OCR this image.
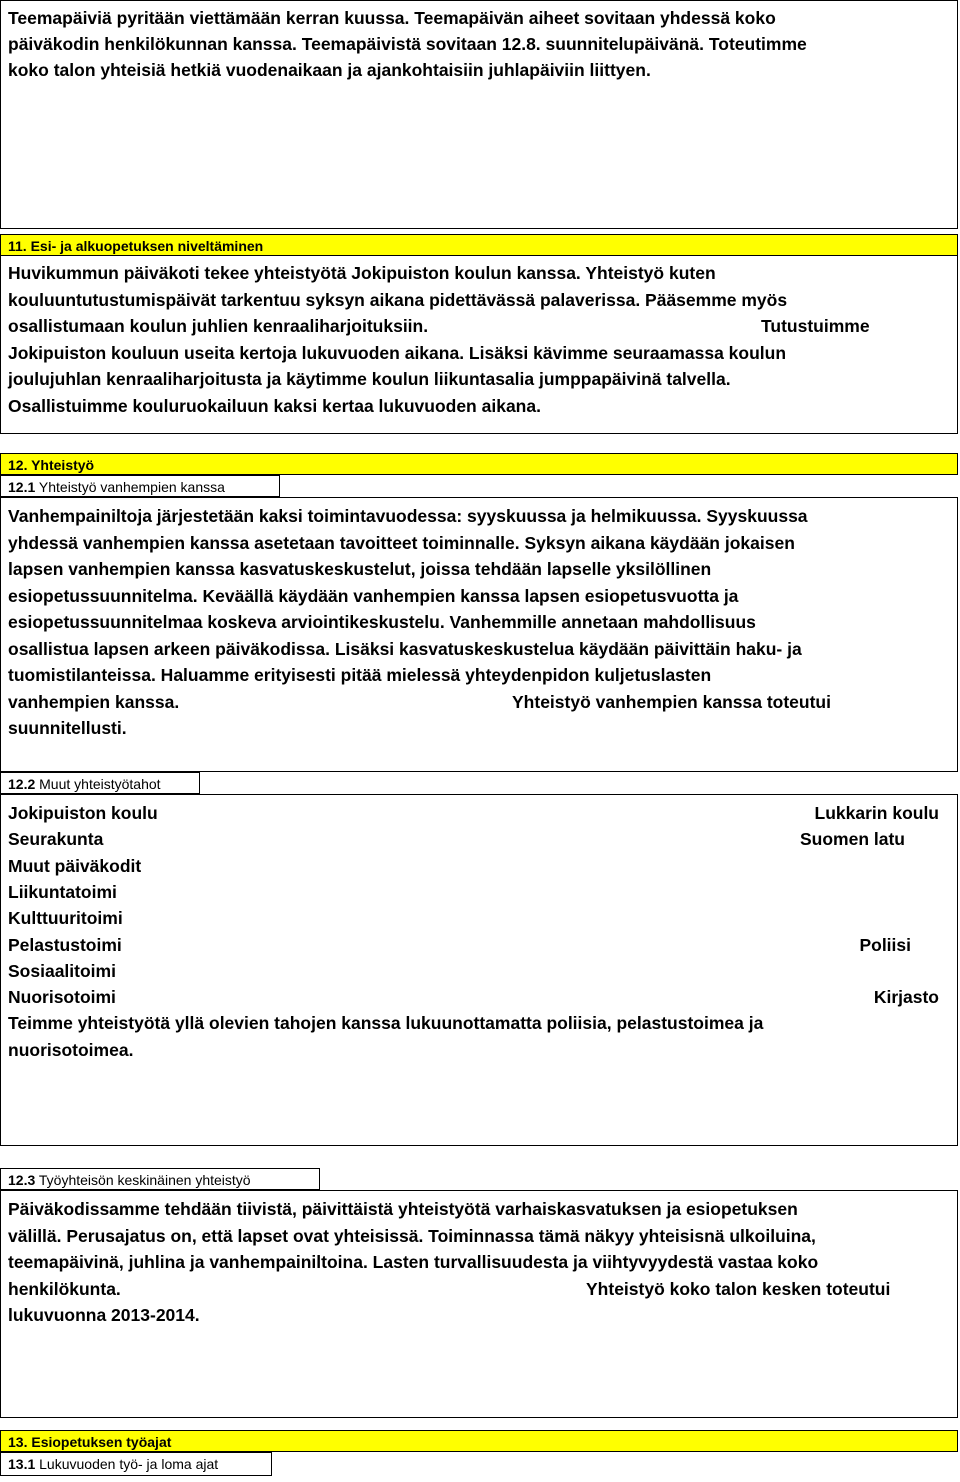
Teemapäiviä pyritään viettämään kerran kuussa. Teemapäivän aiheet sovitaan yhdessä koko
päiväkodin henkilökunnan kanssa. Teemapäivistä sovitaan 12.8. suunnitelupäivänä. Toteutimme
koko talon yhteisiä hetkiä vuodenaikaan ja ajankohtaisiin juhlapäiviin liittyen.
11. Esi- ja alkuopetuksen niveltäminen
Huvikummun päiväkoti tekee yhteistyötä Jokipuiston koulun kanssa. Yhteistyö kuten
kouluuntutustumispäivät tarkentuu syksyn aikana pidettävässä palaverissa. Pääsemme myös
osallistumaan koulun juhlien kenraaliharjoituksiin.	Tutustuimme
Jokipuiston kouluun useita kertoja lukuvuoden aikana. Lisäksi kävimme seuraamassa koulun
joulujuhlan kenraaliharjoitusta ja käytimme koulun liikuntasalia jumppapäivinä talvella.
Osallistuimme kouluruokailuun kaksi kertaa lukuvuoden aikana.
12. Yhteistyö
12.1 Yhteistyö vanhempien kanssa
Vanhempainiltoja järjestetään kaksi toimintavuodessa: syyskuussa ja helmikuussa. Syyskuussa
yhdessä vanhempien kanssa asetetaan tavoitteet toiminnalle. Syksyn aikana käydään jokaisen
lapsen vanhempien kanssa kasvatuskeskustelut, joissa tehdään lapselle yksilöllinen
esiopetussuunnitelma. Keväällä käydään vanhempien kanssa lapsen esiopetusvuotta ja
esiopetussuunnitelmaa koskeva arviointikeskustelu. Vanhemmille annetaan mahdollisuus
osallistua lapsen arkeen päiväkodissa. Lisäksi kasvatuskeskustelua käydään päivittäin haku- ja
tuomistilanteissa. Haluamme erityisesti pitää mielessä yhteydenpidon kuljetuslasten
vanhempien kanssa.	Yhteistyö vanhempien kanssa toteutui
suunnitellusti.
12.2 Muut yhteistyötahot
Jokipuiston koulu	Lukkarin koulu
Seurakunta	Suomen latu
Muut päiväkodit
Liikuntatoimi
Kulttuuritoimi
Pelastustoimi	Poliisi
Sosiaalitoimi
Nuorisotoimi	Kirjasto
Teimme yhteistyötä yllä olevien tahojen kanssa lukuunottamatta poliisia, pelastustoimea ja
nuorisotoimea.
12.3 Työyhteisön keskinäinen yhteistyö
Päiväkodissamme tehdään tiivistä, päivittäistä yhteistyötä varhaiskasvatuksen ja esiopetuksen
välillä. Perusajatus on, että lapset ovat yhteisissä. Toiminnassa tämä näkyy yhteisisnä ulkoiluina,
teemapäivinä, juhlina ja vanhempainiltoina. Lasten turvallisuudesta ja viihtyvyydestä vastaa koko
henkilökunta.	Yhteistyö koko talon kesken toteutui
lukuvuonna 2013-2014.
13. Esiopetuksen työajat
13.1 Lukuvuoden työ- ja loma ajat
